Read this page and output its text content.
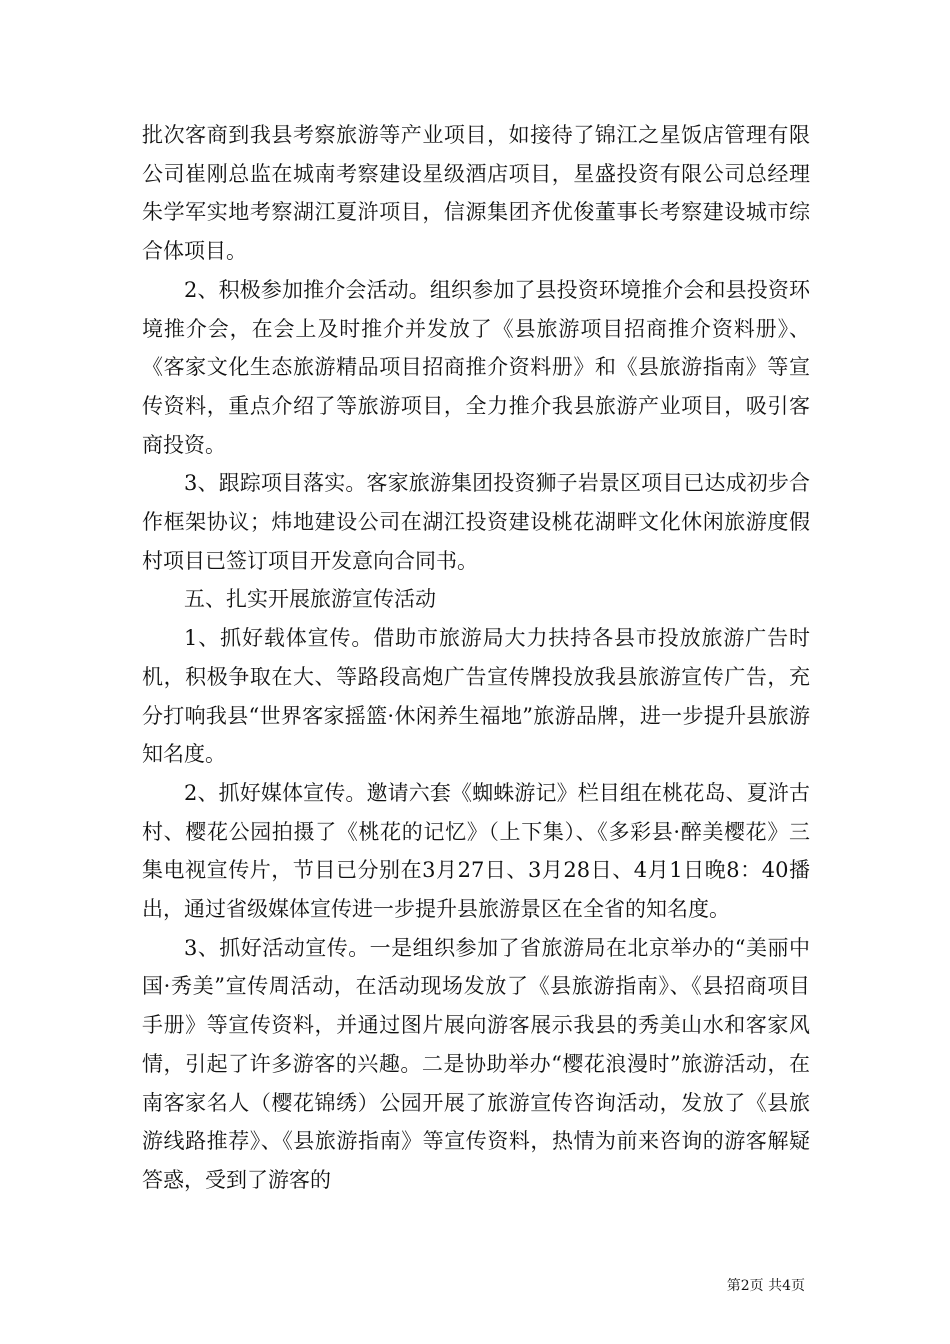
批次客商到我县考察旅游等产业项目，如接待了锦江之星饭店管理有限公司崔刚总监在城南考察建设星级酒店项目，星盛投资有限公司总经理朱学军实地考察湖江夏浒项目，信源集团齐优俊董事长考察建设城市综合体项目。

2、积极参加推介会活动。组织参加了县投资环境推介会和县投资环境推介会，在会上及时推介并发放了《县旅游项目招商推介资料册》、《客家文化生态旅游精品项目招商推介资料册》和《县旅游指南》等宣传资料，重点介绍了等旅游项目，全力推介我县旅游产业项目，吸引客商投资。

3、跟踪项目落实。客家旅游集团投资狮子岩景区项目已达成初步合作框架协议；炜地建设公司在湖江投资建设桃花湖畔文化休闲旅游度假村项目已签订项目开发意向合同书。

五、扎实开展旅游宣传活动

1、抓好载体宣传。借助市旅游局大力扶持各县市投放旅游广告时机，积极争取在大、等路段高炮广告宣传牌投放我县旅游宣传广告，充分打响我县“世界客家摇篮·休闲养生福地”旅游品牌，进一步提升县旅游知名度。

2、抓好媒体宣传。邀请六套《蜘蛛游记》栏目组在桃花岛、夏浒古村、樱花公园拍摄了《桃花的记忆》（上下集）、《多彩县·醉美樱花》三集电视宣传片，节目已分别在3月27日、3月28日、4月1日晚8：40播出，通过省级媒体宣传进一步提升县旅游景区在全省的知名度。

3、抓好活动宣传。一是组织参加了省旅游局在北京举办的“美丽中国·秀美”宣传周活动，在活动现场发放了《县旅游指南》、《县招商项目手册》等宣传资料，并通过图片展向游客展示我县的秀美山水和客家风情，引起了许多游客的兴趣。二是协助举办“樱花浪漫时”旅游活动，在南客家名人（樱花锦绣）公园开展了旅游宣传咨询活动，发放了《县旅游线路推荐》、《县旅游指南》等宣传资料，热情为前来咨询的游客解疑答惑，受到了游客的

第2页 共4页
